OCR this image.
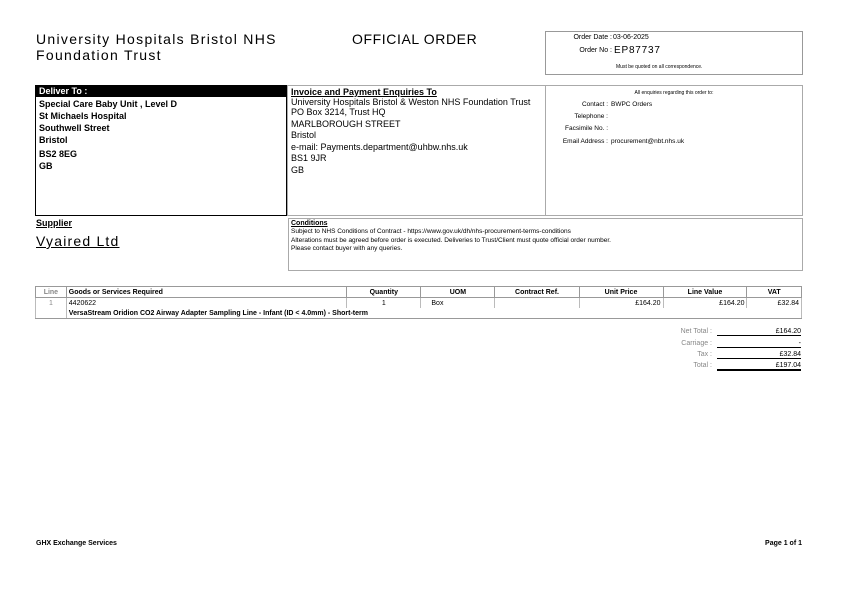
University Hospitals Bristol NHS
Foundation Trust
OFFICIAL ORDER	Order Date : 03-06-2025
Order No : EP87737
Must be quoted on all correspondence.
Deliver To :
Special Care Baby Unit , Level D
St Michaels Hospital
Southwell Street
Bristol
BS2 8EG
GB
Invoice and Payment Enquiries To
University Hospitals Bristol & Weston NHS Foundation Trust
PO Box 3214, Trust HQ
MARLBOROUGH STREET
Bristol
e-mail: Payments.department@uhbw.nhs.uk
BS1 9JR
GB
All enquiries regarding this order to:
Contact : BWPC Orders
Telephone :
Facsimile No. :
Email Address : procurement@nbt.nhs.uk
Supplier
Vyaired Ltd
Conditions
Subject to NHS Conditions of Contract - https://www.gov.uk/dh/nhs-procurement-terms-conditions
Alterations must be agreed before order is executed. Deliveries to Trust/Client must quote official order number.
Please contact buyer with any queries.
Line	Goods or Services Required	Quantity	UOM	Contract Ref.	Unit Price	Line Value	VAT
1	4420622	1	Box		£164.20	£164.20	£32.84
	VersaStream Oridion CO2 Airway Adapter Sampling Line - Infant (ID < 4.0mm) - Short-term						
Net Total :	£164.20
Carriage :	-
Tax :	£32.84
Total :	£197.04
GHX Exchange Services	Page 1 of 1
